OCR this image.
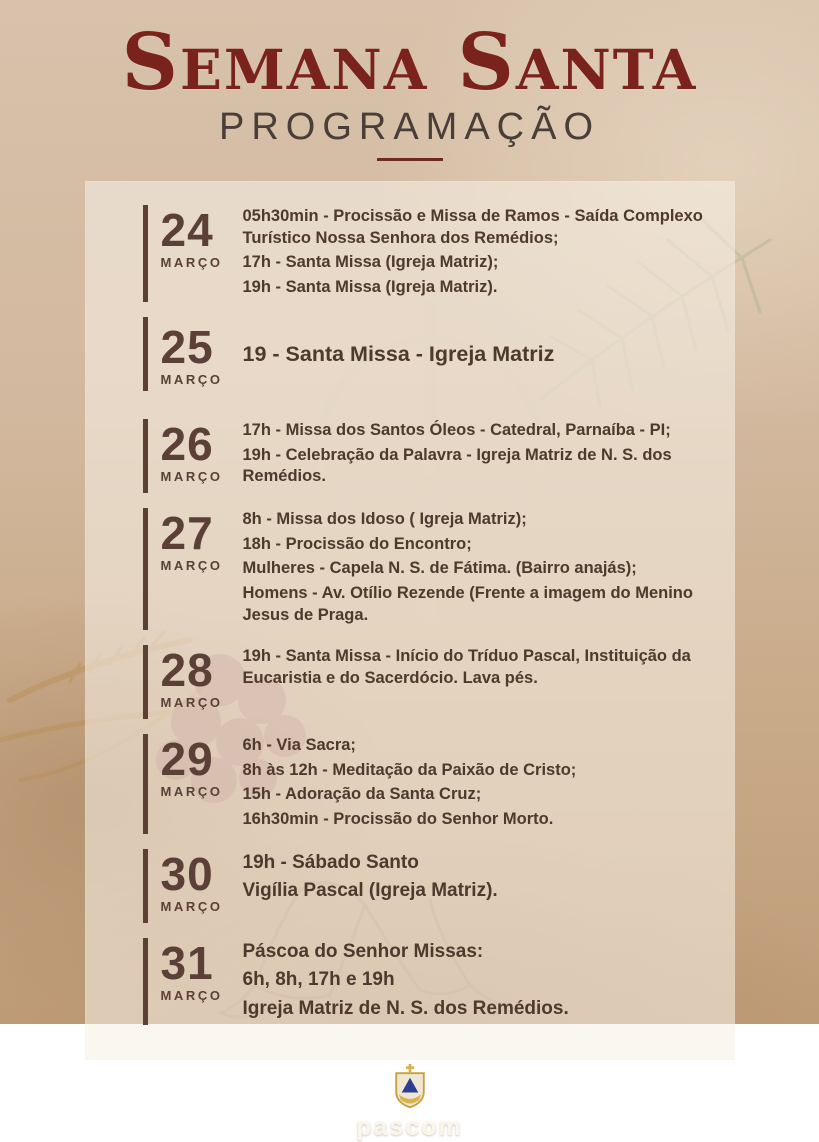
Semana Santa
PROGRAMAÇÃO
24
MARÇO

05h30min - Procissão e Missa de Ramos - Saída Complexo Turístico Nossa Senhora dos Remédios;

17h - Santa Missa (Igreja Matriz);

19h - Santa Missa (Igreja Matriz).

25
MARÇO

19 - Santa Missa - Igreja Matriz

26
MARÇO

17h - Missa dos Santos Óleos - Catedral, Parnaíba - PI;

19h - Celebração da Palavra - Igreja Matriz de N. S. dos Remédios.

27
MARÇO

8h - Missa dos Idoso ( Igreja Matriz);

18h - Procissão do Encontro;

Mulheres - Capela N. S. de Fátima. (Bairro anajás);

Homens - Av. Otílio Rezende (Frente a imagem do Menino Jesus de Praga.

28
MARÇO

19h - Santa Missa - Início do Tríduo Pascal, Instituição da Eucaristia e do Sacerdócio. Lava pés.

29
MARÇO

6h - Via Sacra;

8h às 12h - Meditação da Paixão de Cristo;

15h - Adoração da Santa Cruz;

16h30min - Procissão do Senhor Morto.

30
MARÇO

19h - Sábado Santo

Vigília Pascal (Igreja Matriz).

31
MARÇO

Páscoa do Senhor Missas:

6h, 8h, 17h e 19h

Igreja Matriz de N. S. dos Remédios.

pascom
